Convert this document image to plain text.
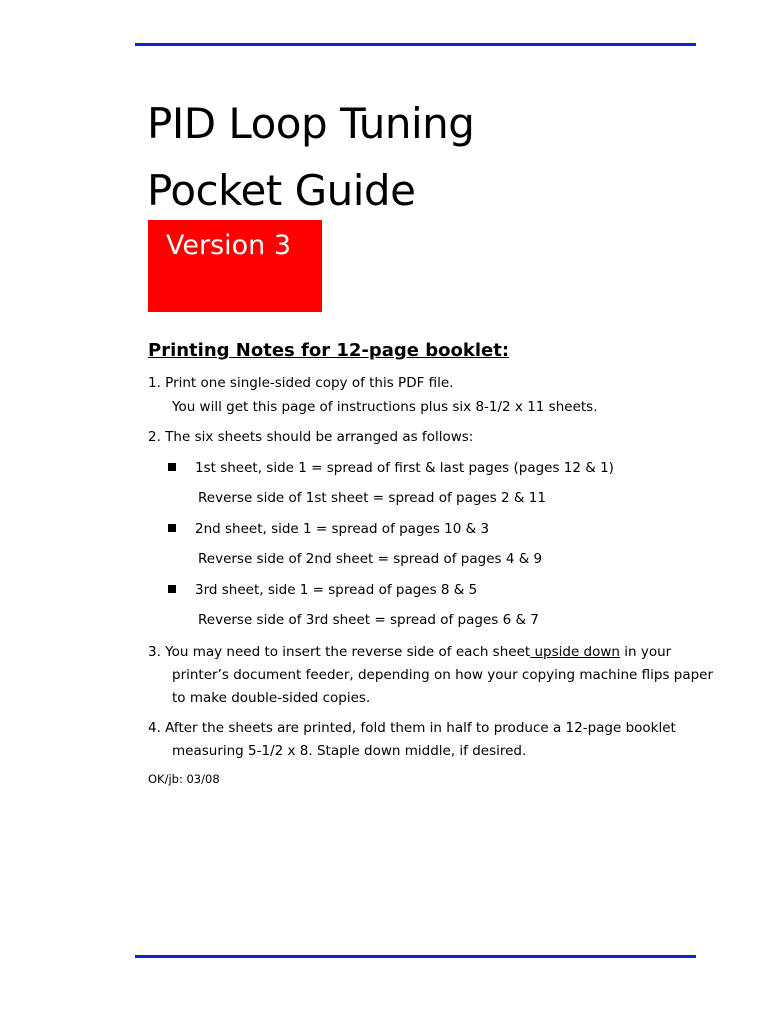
PID Loop Tuning
Pocket Guide
Version 3
Printing Notes for 12-page booklet:
1. Print one single-sided copy of this PDF file.
You will get this page of instructions plus six 8-1/2 x 11 sheets.
2. The six sheets should be arranged as follows:
1st sheet, side 1 = spread of first & last pages (pages 12 & 1)
Reverse side of 1st sheet = spread of pages 2 & 11
2nd sheet, side 1 = spread of pages 10 & 3
Reverse side of 2nd sheet = spread of pages 4 & 9
3rd sheet, side 1 = spread of pages 8 & 5
Reverse side of 3rd sheet = spread of pages 6 & 7
3. You may need to insert the reverse side of each sheet upside down in your
printer’s document feeder, depending on how your copying machine flips paper
to make double-sided copies.
4. After the sheets are printed, fold them in half to produce a 12-page booklet
measuring 5-1/2 x 8. Staple down middle, if desired.
OK/jb: 03/08
